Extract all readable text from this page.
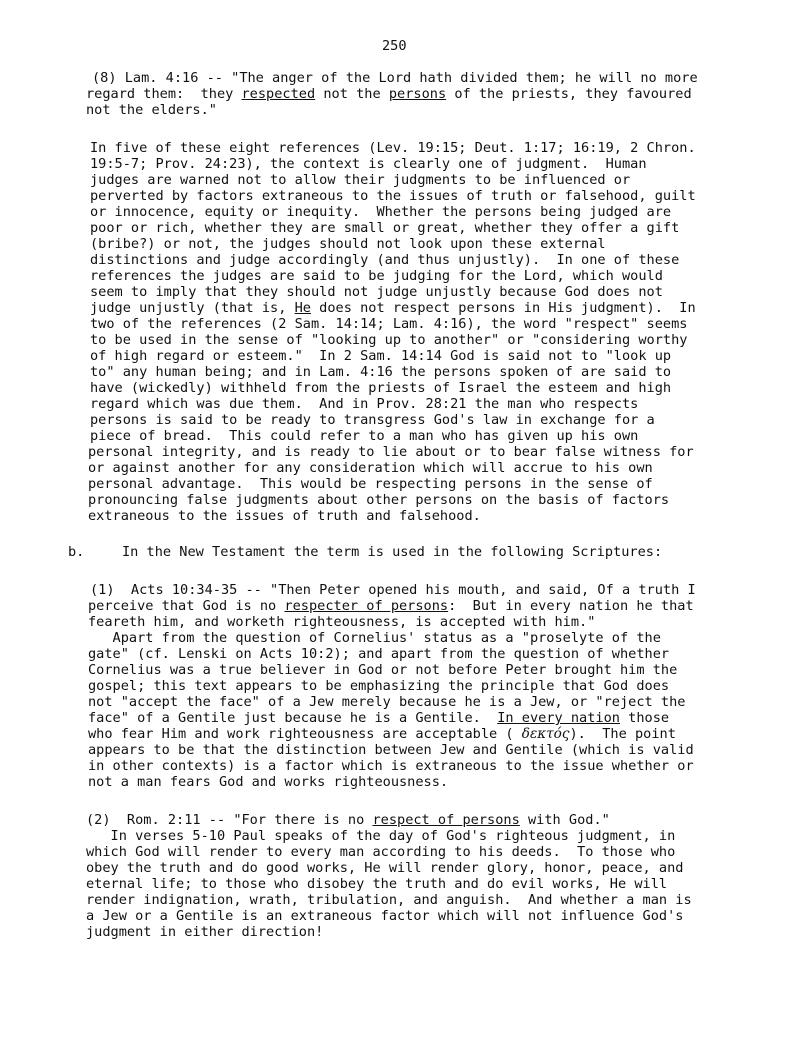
250
(8) Lam. 4:16 -- "The anger of the Lord hath divided them; he will no more
regard them:  they respected not the persons of the priests, they favoured
not the elders."
In five of these eight references (Lev. 19:15; Deut. 1:17; 16:19, 2 Chron.
19:5-7; Prov. 24:23), the context is clearly one of judgment.  Human
judges are warned not to allow their judgments to be influenced or
perverted by factors extraneous to the issues of truth or falsehood, guilt
or innocence, equity or inequity.  Whether the persons being judged are
poor or rich, whether they are small or great, whether they offer a gift
(bribe?) or not, the judges should not look upon these external
distinctions and judge accordingly (and thus unjustly).  In one of these
references the judges are said to be judging for the Lord, which would
seem to imply that they should not judge unjustly because God does not
judge unjustly (that is, He does not respect persons in His judgment).  In
two of the references (2 Sam. 14:14; Lam. 4:16), the word "respect" seems
to be used in the sense of "looking up to another" or "considering worthy
of high regard or esteem."  In 2 Sam. 14:14 God is said not to "look up
to" any human being; and in Lam. 4:16 the persons spoken of are said to
have (wickedly) withheld from the priests of Israel the esteem and high
regard which was due them.  And in Prov. 28:21 the man who respects
persons is said to be ready to transgress God's law in exchange for a
piece of bread.  This could refer to a man who has given up his own
personal integrity, and is ready to lie about or to bear false witness for
or against another for any consideration which will accrue to his own
personal advantage.  This would be respecting persons in the sense of
pronouncing false judgments about other persons on the basis of factors
extraneous to the issues of truth and falsehood.
b.	In the New Testament the term is used in the following Scriptures:
(1)  Acts 10:34-35 -- "Then Peter opened his mouth, and said, Of a truth I
perceive that God is no respecter of persons:  But in every nation he that
feareth him, and worketh righteousness, is accepted with him."
Apart from the question of Cornelius' status as a "proselyte of the
gate" (cf. Lenski on Acts 10:2); and apart from the question of whether
Cornelius was a true believer in God or not before Peter brought him the
gospel; this text appears to be emphasizing the principle that God does
not "accept the face" of a Jew merely because he is a Jew, or "reject the
face" of a Gentile just because he is a Gentile.  In every nation those
who fear Him and work righteousness are acceptable ( δεκτός).  The point
appears to be that the distinction between Jew and Gentile (which is valid
in other contexts) is a factor which is extraneous to the issue whether or
not a man fears God and works righteousness.
(2)  Rom. 2:11 -- "For there is no respect of persons with God."
In verses 5-10 Paul speaks of the day of God's righteous judgment, in
which God will render to every man according to his deeds.  To those who
obey the truth and do good works, He will render glory, honor, peace, and
eternal life; to those who disobey the truth and do evil works, He will
render indignation, wrath, tribulation, and anguish.  And whether a man is
a Jew or a Gentile is an extraneous factor which will not influence God's
judgment in either direction!
